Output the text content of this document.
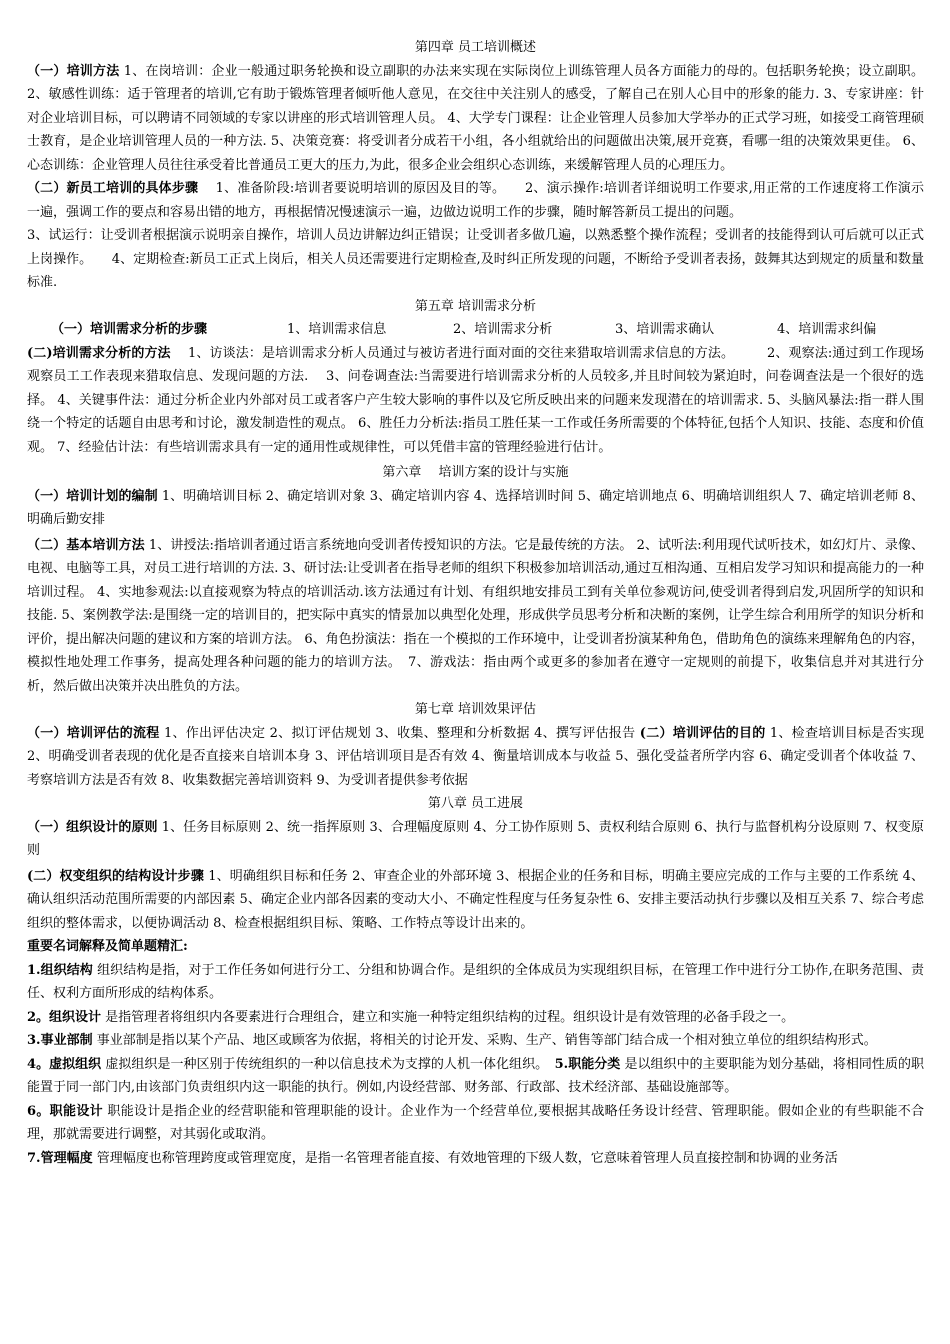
第四章 员工培训概述

（一）培训方法 1、在岗培训：企业一般通过职务轮换和设立副职的办法来实现在实际岗位上训练管理人员各方面能力的母的。包括职务轮换；设立副职。 2、敏感性训练：适于管理者的培训,它有助于锻炼管理者倾听他人意见，在交往中关注别人的感受，了解自己在别人心目中的形象的能力. 3、专家讲座：针对企业培训目标，可以聘请不同领域的专家以讲座的形式培训管理人员。 4、大学专门课程：让企业管理人员参加大学举办的正式学习班，如接受工商管理硕士教育，是企业培训管理人员的一种方法. 5、决策竞赛：将受训者分成若干小组，各小组就给出的问题做出决策,展开竞赛，看哪一组的决策效果更佳。 6、心态训练：企业管理人员往往承受着比普通员工更大的压力,为此，很多企业会组织心态训练，来缓解管理人员的心理压力。

（二）新员工培训的具体步骤　 1、准备阶段:培训者要说明培训的原因及目的等。　　2、演示操作:培训者详细说明工作要求,用正常的工作速度将工作演示一遍，强调工作的要点和容易出错的地方，再根据情况慢速演示一遍，边做边说明工作的步骤，随时解答新员工提出的问题。

3、试运行：让受训者根据演示说明亲自操作，培训人员边讲解边纠正错误；让受训者多做几遍，以熟悉整个操作流程；受训者的技能得到认可后就可以正式上岗操作。　　4、定期检查:新员工正式上岗后，相关人员还需要进行定期检查,及时纠正所发现的问题，不断给予受训者表扬，鼓舞其达到规定的质量和数量标准.

第五章 培训需求分析
（一）培训需求分析的步骤	1、培训需求信息	2、培训需求分析	3、培训需求确认	4、培训需求纠偏

(二)培训需求分析的方法　 1、访谈法：是培训需求分析人员通过与被访者进行面对面的交往来猎取培训需求信息的方法。　　　2、观察法:通过到工作现场观察员工工作表现来猎取信息、发现问题的方法.　 3、问卷调查法:当需要进行培训需求分析的人员较多,并且时间较为紧迫时，问卷调查法是一个很好的选择。 4、关键事件法：通过分析企业内外部对员工或者客户产生较大影响的事件以及它所反映出来的问题来发现潜在的培训需求. 5、头脑风暴法:指一群人围绕一个特定的话题自由思考和讨论，激发制造性的观点。 6、胜任力分析法:指员工胜任某一工作或任务所需要的个体特征,包括个人知识、技能、态度和价值观。 7、经验估计法：有些培训需求具有一定的通用性或规律性，可以凭借丰富的管理经验进行估计。

第六章　 培训方案的设计与实施

（一）培训计划的编制 1、明确培训目标 2、确定培训对象 3、确定培训内容 4、选择培训时间 5、确定培训地点 6、明确培训组织人 7、确定培训老师 8、明确后勤安排

（二）基本培训方法 1、讲授法:指培训者通过语言系统地向受训者传授知识的方法。它是最传统的方法。 2、试听法:利用现代试听技术，如幻灯片、录像、电视、电脑等工具，对员工进行培训的方法. 3、研讨法:让受训者在指导老师的组织下积极参加培训活动,通过互相沟通、互相启发学习知识和提高能力的一种培训过程。 4、实地参观法:以直接观察为特点的培训活动.该方法通过有计划、有组织地安排员工到有关单位参观访问,使受训者得到启发,巩固所学的知识和技能. 5、案例教学法:是围绕一定的培训目的，把实际中真实的情景加以典型化处理，形成供学员思考分析和决断的案例，让学生综合利用所学的知识分析和评价，提出解决问题的建议和方案的培训方法。 6、角色扮演法：指在一个模拟的工作环境中，让受训者扮演某种角色，借助角色的演练来理解角色的内容，模拟性地处理工作事务，提高处理各种问题的能力的培训方法。　7、游戏法：指由两个或更多的参加者在遵守一定规则的前提下，收集信息并对其进行分析，然后做出决策并决出胜负的方法。

第七章 培训效果评估

（一）培训评估的流程 1、作出评估决定 2、拟订评估规划 3、收集、整理和分析数据 4、撰写评估报告 (二）培训评估的目的 1、检查培训目标是否实现 2、明确受训者表现的优化是否直接来自培训本身 3、评估培训项目是否有效 4、衡量培训成本与收益 5、强化受益者所学内容 6、确定受训者个体收益 7、考察培训方法是否有效 8、收集数据完善培训资料 9、为受训者提供参考依据

第八章 员工进展

（一）组织设计的原则 1、任务目标原则 2、统一指挥原则 3、合理幅度原则 4、分工协作原则 5、责权利结合原则 6、执行与监督机构分设原则 7、权变原则

(二）权变组织的结构设计步骤 1、明确组织目标和任务 2、审查企业的外部环境 3、根据企业的任务和目标，明确主要应完成的工作与主要的工作系统 4、确认组织活动范围所需要的内部因素 5、确定企业内部各因素的变动大小、不确定性程度与任务复杂性 6、安排主要活动执行步骤以及相互关系 7、综合考虑组织的整体需求，以便协调活动 8、检查根据组织目标、策略、工作特点等设计出来的。

重要名词解释及简单题精汇:

1.组织结构 组织结构是指，对于工作任务如何进行分工、分组和协调合作。是组织的全体成员为实现组织目标，在管理工作中进行分工协作,在职务范围、责任、权利方面所形成的结构体系。

2。组织设计 是指管理者将组织内各要素进行合理组合，建立和实施一种特定组织结构的过程。组织设计是有效管理的必备手段之一。

3.事业部制 事业部制是指以某个产品、地区或顾客为依据，将相关的讨论开发、采购、生产、销售等部门结合成一个相对独立单位的组织结构形式。

4。虚拟组织 虚拟组织是一种区别于传统组织的一种以信息技术为支撑的人机一体化组织。　5.职能分类 是以组织中的主要职能为划分基础，将相同性质的职能置于同一部门内,由该部门负责组织内这一职能的执行。例如,内设经营部、财务部、行政部、技术经济部、基础设施部等。

6。职能设计 职能设计是指企业的经营职能和管理职能的设计。企业作为一个经营单位,要根据其战略任务设计经营、管理职能。假如企业的有些职能不合理，那就需要进行调整，对其弱化或取消。

7.管理幅度 管理幅度也称管理跨度或管理宽度，是指一名管理者能直接、有效地管理的下级人数，它意味着管理人员直接控制和协调的业务活
